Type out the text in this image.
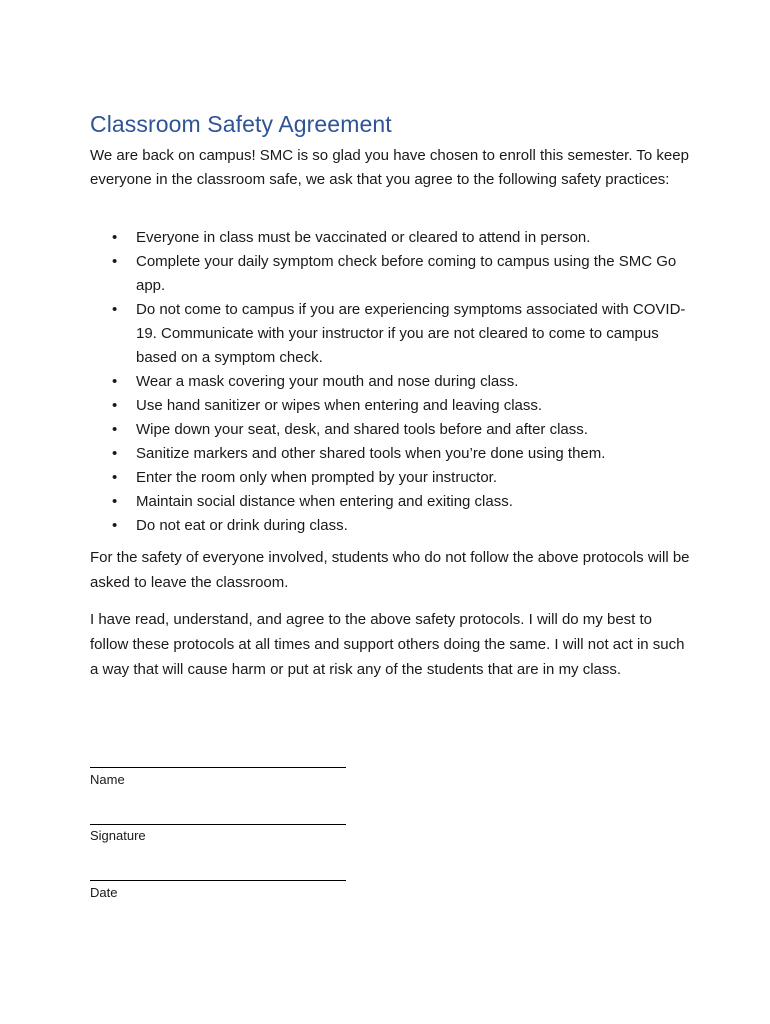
Classroom Safety Agreement

We are back on campus! SMC is so glad you have chosen to enroll this semester. To keep everyone in the classroom safe, we ask that you agree to the following safety practices:

• Everyone in class must be vaccinated or cleared to attend in person.
• Complete your daily symptom check before coming to campus using the SMC Go app.
• Do not come to campus if you are experiencing symptoms associated with COVID-19. Communicate with your instructor if you are not cleared to come to campus based on a symptom check.
• Wear a mask covering your mouth and nose during class.
• Use hand sanitizer or wipes when entering and leaving class.
• Wipe down your seat, desk, and shared tools before and after class.
• Sanitize markers and other shared tools when you’re done using them.
• Enter the room only when prompted by your instructor.
• Maintain social distance when entering and exiting class.
• Do not eat or drink during class.

For the safety of everyone involved, students who do not follow the above protocols will be asked to leave the classroom.

I have read, understand, and agree to the above safety protocols. I will do my best to follow these protocols at all times and support others doing the same. I will not act in such a way that will cause harm or put at risk any of the students that are in my class.

Name

Signature

Date
